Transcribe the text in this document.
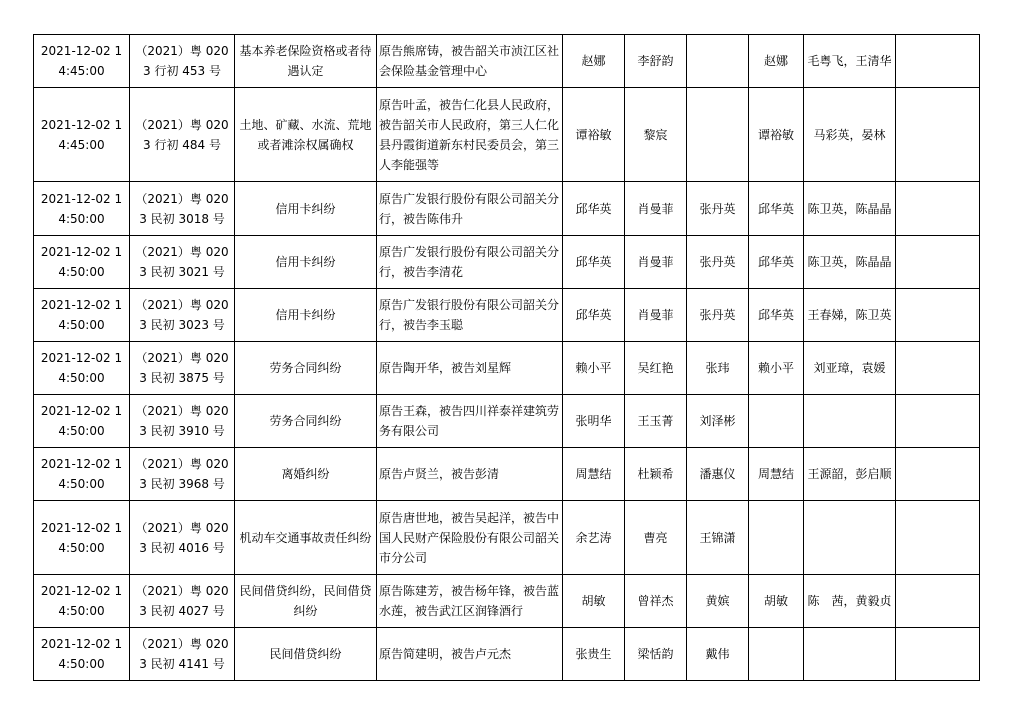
2021-12-02 14:45:00	（2021）粤 0203 行初 453 号	基本养老保险资格或者待遇认定	原告熊席铸，被告韶关市浈江区社会保险基金管理中心	赵娜	李舒韵		赵娜	毛粤飞，王清华	
2021-12-02 14:45:00	（2021）粤 0203 行初 484 号	土地、矿藏、水流、荒地或者滩涂权属确权	原告叶孟，被告仁化县人民政府，被告韶关市人民政府，第三人仁化县丹霞街道新东村民委员会，第三人李能强等	谭裕敏	黎宸		谭裕敏	马彩英，晏林	
2021-12-02 14:50:00	（2021）粤 0203 民初 3018 号	信用卡纠纷	原告广发银行股份有限公司韶关分行，被告陈伟升	邱华英	肖曼菲	张丹英	邱华英	陈卫英，陈晶晶	
2021-12-02 14:50:00	（2021）粤 0203 民初 3021 号	信用卡纠纷	原告广发银行股份有限公司韶关分行，被告李清花	邱华英	肖曼菲	张丹英	邱华英	陈卫英，陈晶晶	
2021-12-02 14:50:00	（2021）粤 0203 民初 3023 号	信用卡纠纷	原告广发银行股份有限公司韶关分行，被告李玉聪	邱华英	肖曼菲	张丹英	邱华英	王春娣，陈卫英	
2021-12-02 14:50:00	（2021）粤 0203 民初 3875 号	劳务合同纠纷	原告陶开华，被告刘星辉	赖小平	吴红艳	张玮	赖小平	刘亚璋，袁媛	
2021-12-02 14:50:00	（2021）粤 0203 民初 3910 号	劳务合同纠纷	原告王森，被告四川祥泰祥建筑劳务有限公司	张明华	王玉菁	刘泽彬			
2021-12-02 14:50:00	（2021）粤 0203 民初 3968 号	离婚纠纷	原告卢贤兰，被告彭清	周慧结	杜颖希	潘惠仪	周慧结	王源韶，彭启顺	
2021-12-02 14:50:00	（2021）粤 0203 民初 4016 号	机动车交通事故责任纠纷	原告唐世地，被告吴起洋，被告中国人民财产保险股份有限公司韶关市分公司	余艺涛	曹亮	王锦潇			
2021-12-02 14:50:00	（2021）粤 0203 民初 4027 号	民间借贷纠纷，民间借贷纠纷	原告陈建芳，被告杨年锋，被告蓝水莲，被告武江区润锋酒行	胡敏	曾祥杰	黄嫔	胡敏	陈　茜，黄毅贞	
2021-12-02 14:50:00	（2021）粤 0203 民初 4141 号	民间借贷纠纷	原告简建明，被告卢元杰	张贵生	梁恬韵	戴伟			
